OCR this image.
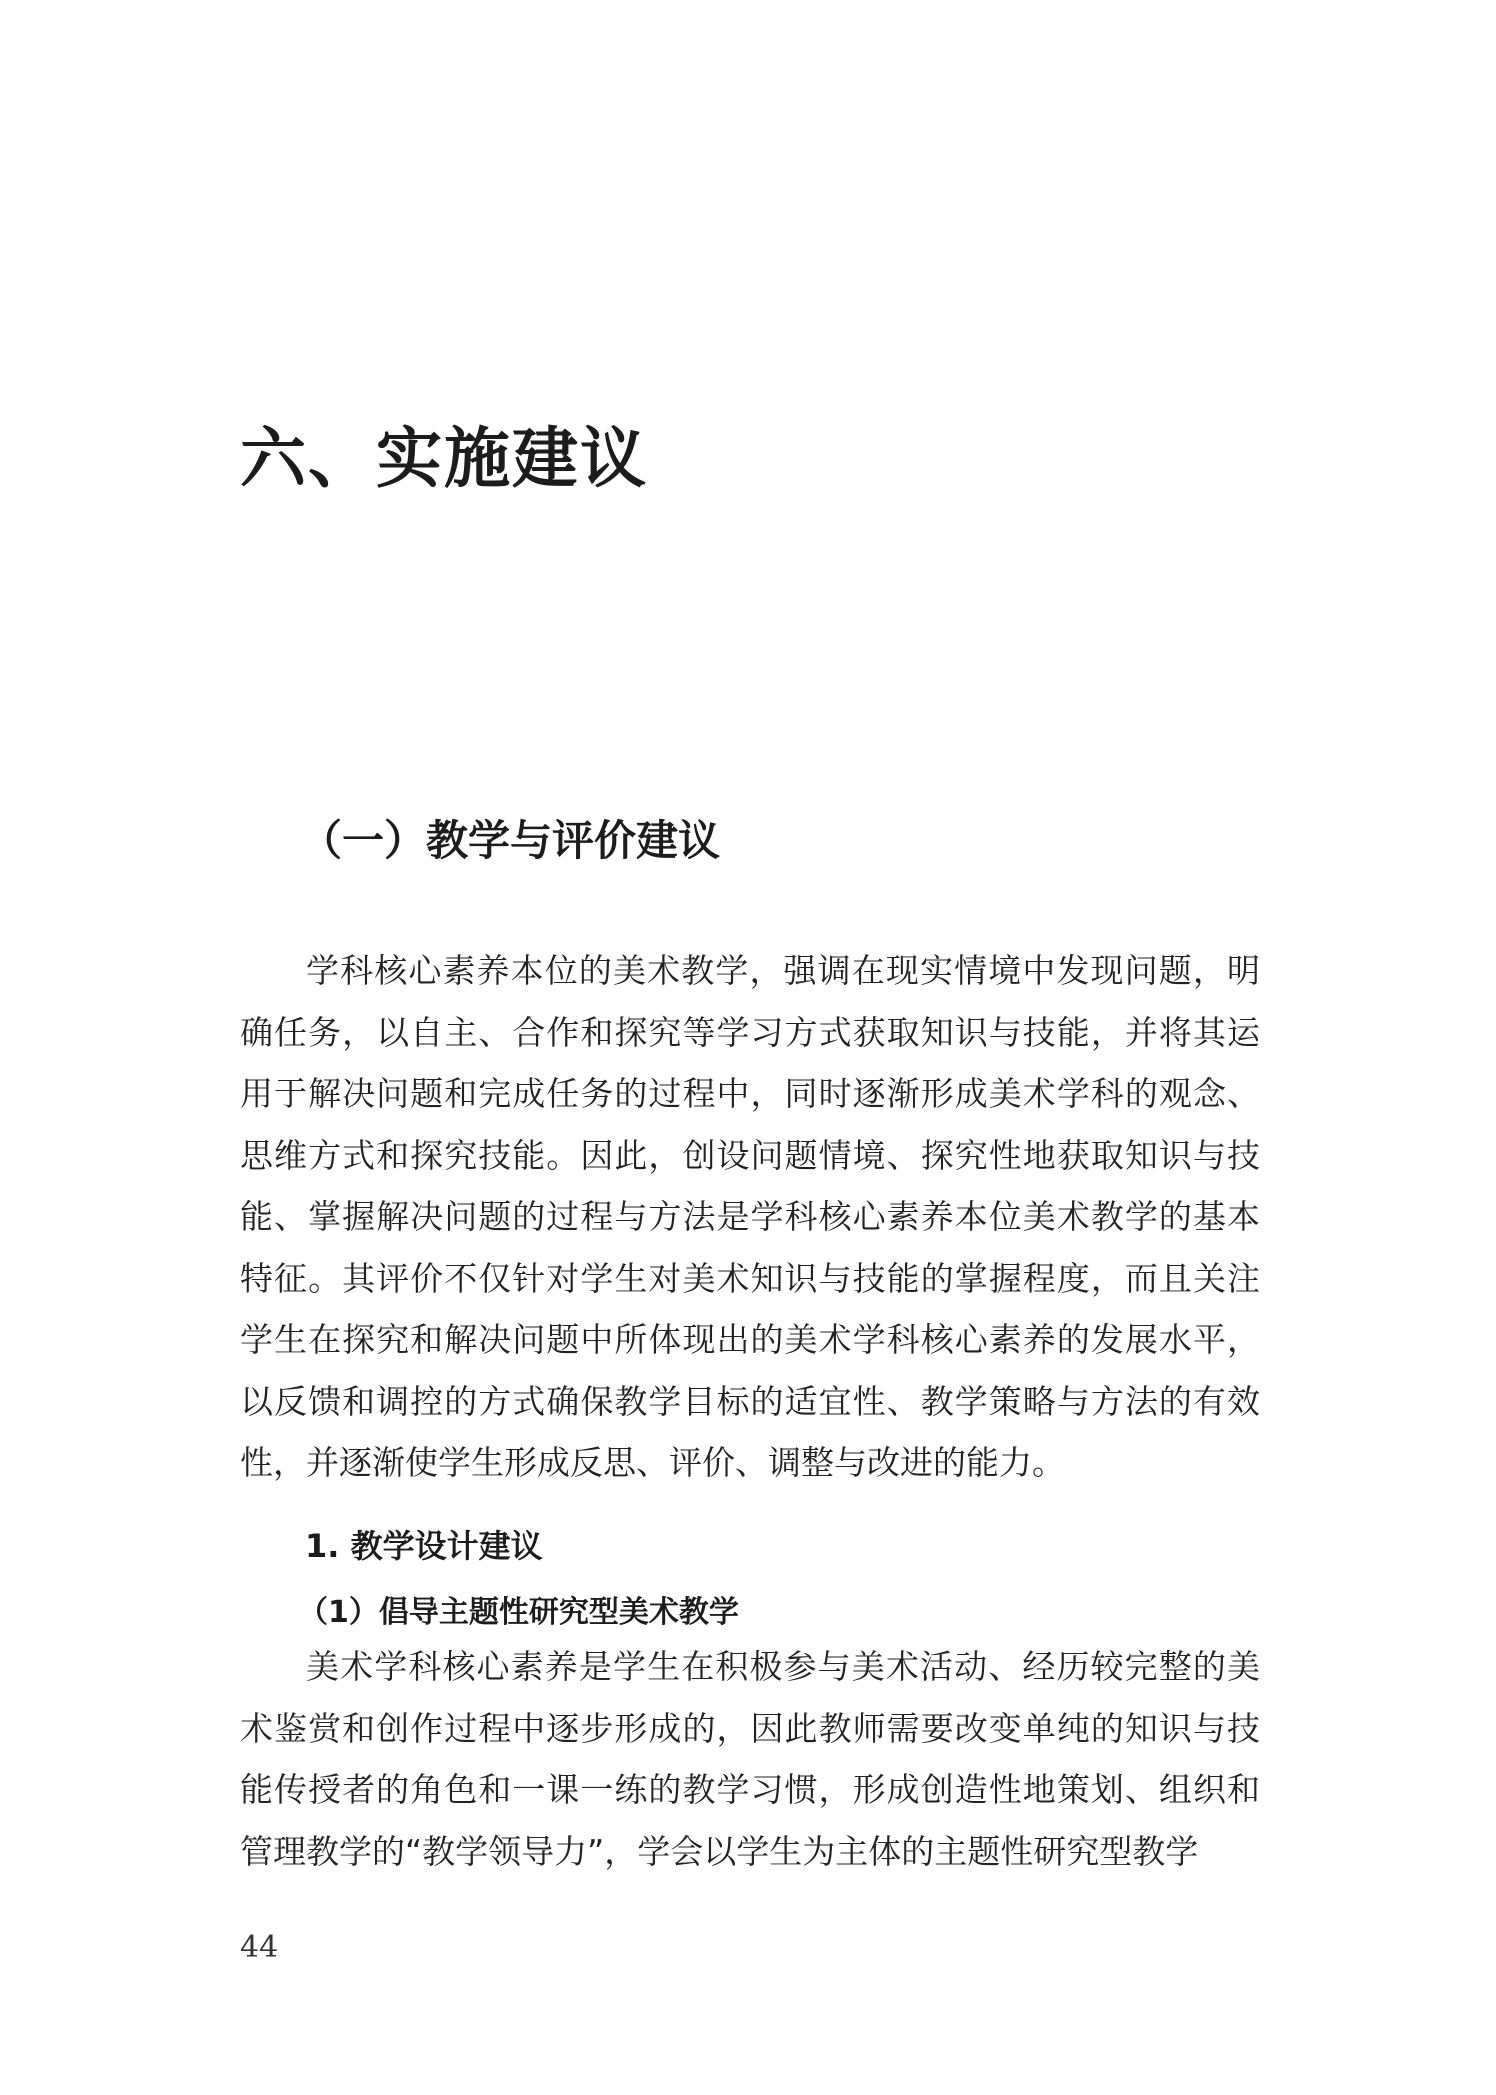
六、实施建议
（一）教学与评价建议

学科核心素养本位的美术教学，强调在现实情境中发现问题，明确任务，以自主、合作和探究等学习方式获取知识与技能，并将其运用于解决问题和完成任务的过程中，同时逐渐形成美术学科的观念、思维方式和探究技能。因此，创设问题情境、探究性地获取知识与技能、掌握解决问题的过程与方法是学科核心素养本位美术教学的基本特征。其评价不仅针对学生对美术知识与技能的掌握程度，而且关注学生在探究和解决问题中所体现出的美术学科核心素养的发展水平，以反馈和调控的方式确保教学目标的适宜性、教学策略与方法的有效性，并逐渐使学生形成反思、评价、调整与改进的能力。

1. 教学设计建议
（1）倡导主题性研究型美术教学

美术学科核心素养是学生在积极参与美术活动、经历较完整的美术鉴赏和创作过程中逐步形成的，因此教师需要改变单纯的知识与技能传授者的角色和一课一练的教学习惯，形成创造性地策划、组织和管理教学的“教学领导力”，学会以学生为主体的主题性研究型教学

44
